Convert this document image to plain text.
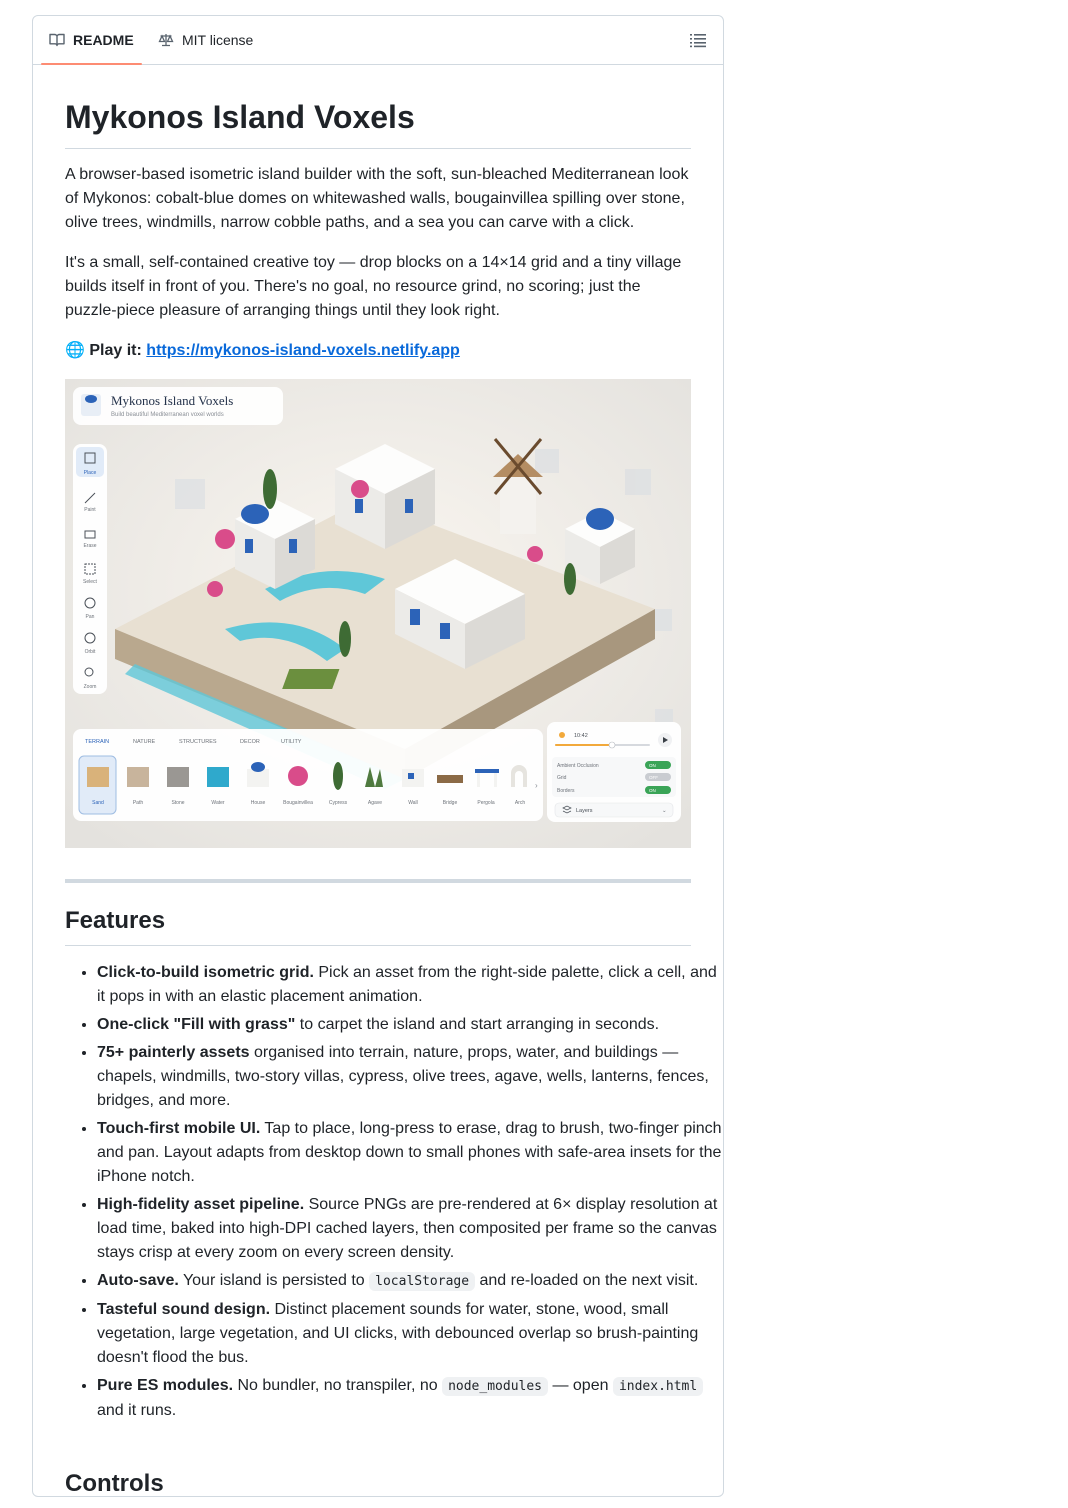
README	MIT license
Mykonos Island Voxels

A browser-based isometric island builder with the soft, sun-bleached Mediterranean look of Mykonos: cobalt-blue domes on whitewashed walls, bougainvillea spilling over stone, olive trees, windmills, narrow cobble paths, and a sea you can carve with a click.

It's a small, self-contained creative toy — drop blocks on a 14×14 grid and a tiny village builds itself in front of you. There's no goal, no resource grind, no scoring; just the puzzle-piece pleasure of arranging things until they look right.

🌐 Play it: https://mykonos-island-voxels.netlify.app

Mykonos Island Voxels
Build beautiful Mediterranean voxel worlds
Place
Paint
Erase
Select
Pan
Orbit
Zoom
TERRAIN	NATURE	STRUCTURES	DECOR	UTILITY
Sand	Path	Stone	Water	House	Bougainvillea	Cypress	Agave	Wall	Bridge	Pergola	Arch
›
10:42
Ambient Occlusion
Grid
Borders
ON
OFF
ON
Layers	⌄
Features
• Click-to-build isometric grid. Pick an asset from the right-side palette, click a cell, and it pops in with an elastic placement animation.
• One-click "Fill with grass" to carpet the island and start arranging in seconds.
• 75+ painterly assets organised into terrain, nature, props, water, and buildings — chapels, windmills, two-story villas, cypress, olive trees, agave, wells, lanterns, fences, bridges, and more.
• Touch-first mobile UI. Tap to place, long-press to erase, drag to brush, two-finger pinch and pan. Layout adapts from desktop down to small phones with safe-area insets for the iPhone notch.
• High-fidelity asset pipeline. Source PNGs are pre-rendered at 6× display resolution at load time, baked into high-DPI cached layers, then composited per frame so the canvas stays crisp at every zoom on every screen density.
• Auto-save. Your island is persisted to localStorage and re-loaded on the next visit.
• Tasteful sound design. Distinct placement sounds for water, stone, wood, small vegetation, large vegetation, and UI clicks, with debounced overlap so brush-painting doesn't flood the bus.
• Pure ES modules. No bundler, no transpiler, no node_modules — open index.html and it runs.
Controls
